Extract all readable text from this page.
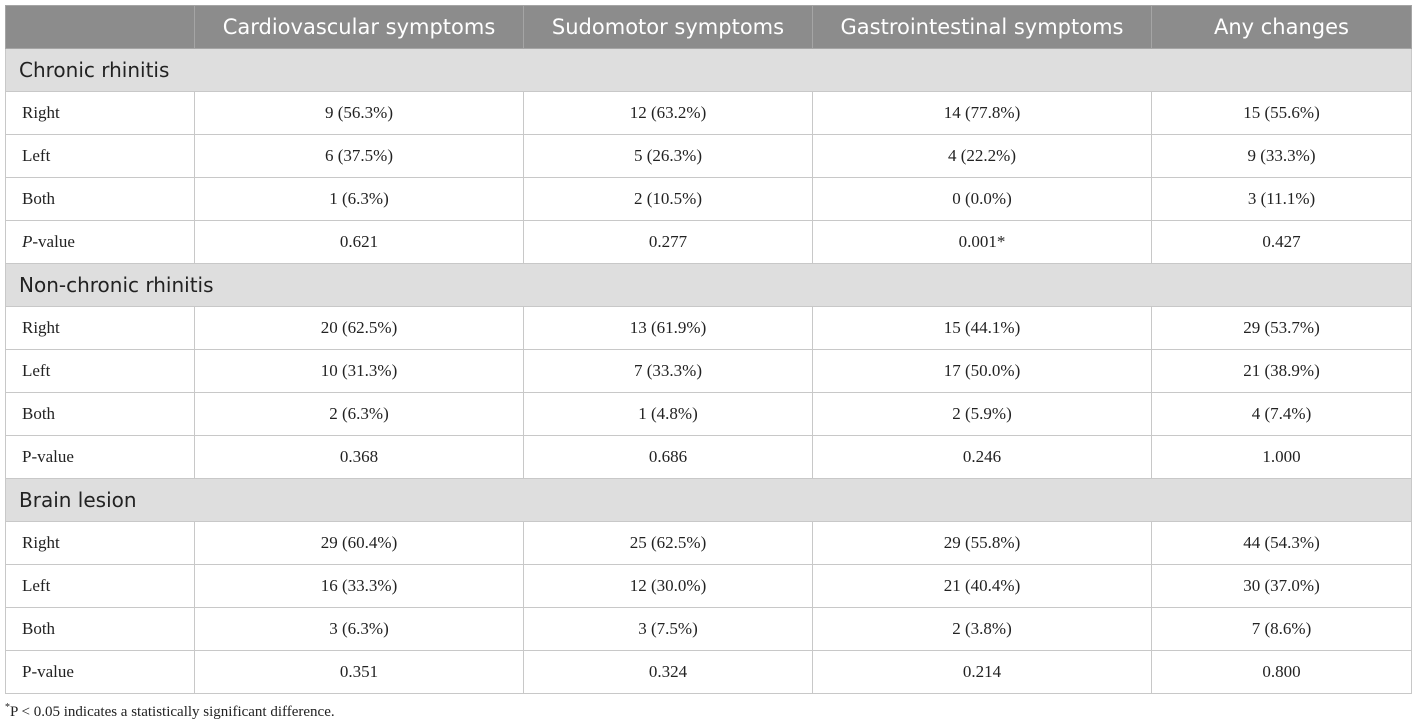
	Cardiovascular symptoms	Sudomotor symptoms	Gastrointestinal symptoms	Any changes
Chronic rhinitis				
Right	9 (56.3%)	12 (63.2%)	14 (77.8%)	15 (55.6%)
Left	6 (37.5%)	5 (26.3%)	4 (22.2%)	9 (33.3%)
Both	1 (6.3%)	2 (10.5%)	0 (0.0%)	3 (11.1%)
P-value	0.621	0.277	0.001*	0.427
Non-chronic rhinitis				
Right	20 (62.5%)	13 (61.9%)	15 (44.1%)	29 (53.7%)
Left	10 (31.3%)	7 (33.3%)	17 (50.0%)	21 (38.9%)
Both	2 (6.3%)	1 (4.8%)	2 (5.9%)	4 (7.4%)
P-value	0.368	0.686	0.246	1.000
Brain lesion				
Right	29 (60.4%)	25 (62.5%)	29 (55.8%)	44 (54.3%)
Left	16 (33.3%)	12 (30.0%)	21 (40.4%)	30 (37.0%)
Both	3 (6.3%)	3 (7.5%)	2 (3.8%)	7 (8.6%)
P-value	0.351	0.324	0.214	0.800
*P < 0.05 indicates a statistically significant difference.
